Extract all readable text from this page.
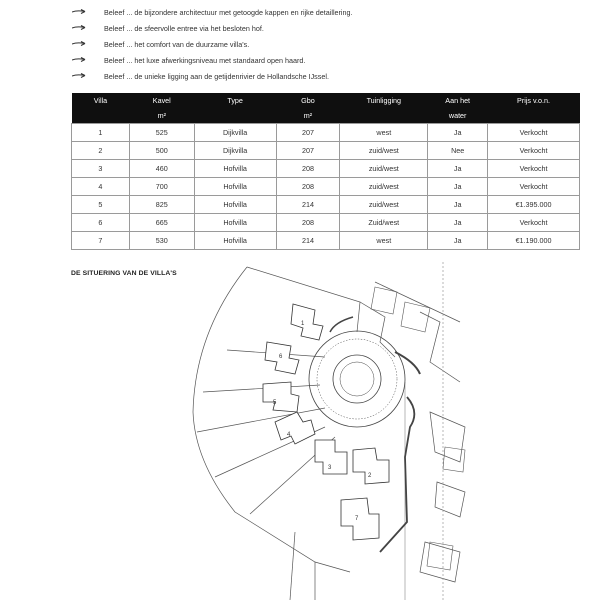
Beleef ... de bijzondere architectuur met getoogde kappen en rijke detaillering.
Beleef ... de sfeervolle entree via het besloten hof.
Beleef ... het comfort van de duurzame villa's.
Beleef ... het luxe afwerkingsniveau met standaard open haard.
Beleef ... de unieke ligging aan de getijdenrivier de Hollandsche IJssel.
Villa	Kavel	Type	Gbo	Tuinligging	Aan het	Prijs v.o.n.
	m²		m²		water	
1	525	Dijkvilla	207	west	Ja	Verkocht
2	500	Dijkvilla	207	zuid/west	Nee	Verkocht
3	460	Hofvilla	208	zuid/west	Ja	Verkocht
4	700	Hofvilla	208	zuid/west	Ja	Verkocht
5	825	Hofvilla	214	zuid/west	Ja	€1.395.000
6	665	Hofvilla	208	Zuid/west	Ja	Verkocht
7	530	Hofvilla	214	west	Ja	€1.190.000
DE SITUERING VAN DE VILLA'S
1
6
5
4
3
2
7
